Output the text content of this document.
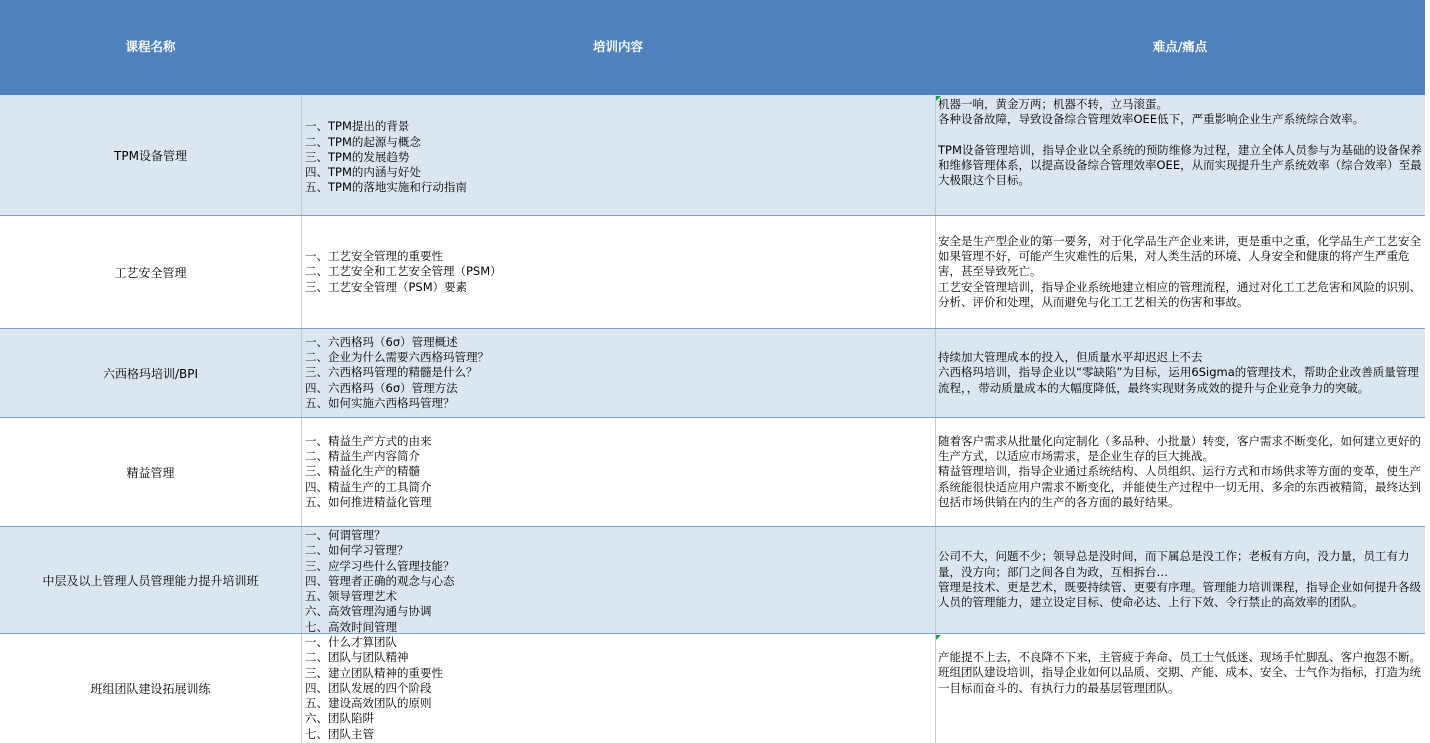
课程名称	培训内容	难点/痛点
TPM设备管理
一、TPM提出的背景
二、TPM的起源与概念
三、TPM的发展趋势
四、TPM的内涵与好处
五、TPM的落地实施和行动指南
机器一响，黄金万两；机器不转，立马滚蛋。
各种设备故障，导致设备综合管理效率OEE低下，严重影响企业生产系统综合效率。
TPM设备管理培训，指导企业以全系统的预防维修为过程，建立全体人员参与为基础的设备保养和维修管理体系，以提高设备综合管理效率OEE，从而实现提升生产系统效率（综合效率）至最大极限这个目标。
工艺安全管理
一、工艺安全管理的重要性
二、工艺安全和工艺安全管理（PSM）
三、工艺安全管理（PSM）要素
安全是生产型企业的第一要务，对于化学品生产企业来讲，更是重中之重，化学品生产工艺安全如果管理不好，可能产生灾难性的后果，对人类生活的环境、人身安全和健康的将产生严重危害，甚至导致死亡。
工艺安全管理培训，指导企业系统地建立相应的管理流程，通过对化工工艺危害和风险的识别、分析、评价和处理，从而避免与化工工艺相关的伤害和事故。
六西格玛培训/BPI
一、六西格玛（6σ）管理概述
二、企业为什么需要六西格玛管理？
三、六西格玛管理的精髓是什么？
四、六西格玛（6σ）管理方法
五、如何实施六西格玛管理？
持续加大管理成本的投入，但质量水平却迟迟上不去
六西格玛培训，指导企业以“零缺陷”为目标，运用6Sigma的管理技术，帮助企业改善质量管理流程，，带动质量成本的大幅度降低，最终实现财务成效的提升与企业竞争力的突破。
精益管理
一、精益生产方式的由来
二、精益生产内容简介
三、精益化生产的精髓
四、精益生产的工具简介
五、如何推进精益化管理
随着客户需求从批量化向定制化（多品种、小批量）转变，客户需求不断变化，如何建立更好的生产方式，以适应市场需求，是企业生存的巨大挑战。
精益管理培训，指导企业通过系统结构、人员组织、运行方式和市场供求等方面的变革，使生产系统能很快适应用户需求不断变化，并能使生产过程中一切无用、多余的东西被精简，最终达到包括市场供销在内的生产的各方面的最好结果。
中层及以上管理人员管理能力提升培训班
一、何谓管理？
二、如何学习管理？
三、应学习些什么管理技能？
四、管理者正确的观念与心态
五、领导管理艺术
六、高效管理沟通与协调
七、高效时间管理
公司不大，问题不少；领导总是没时间，而下属总是没工作；老板有方向，没力量，员工有力量，没方向；部门之间各自为政，互相拆台…
管理是技术、更是艺术，既要持续管、更要有序理。管理能力培训课程，指导企业如何提升各级人员的管理能力，建立设定目标、使命必达、上行下效、令行禁止的高效率的团队。
班组团队建设拓展训练
一、什么才算团队
二、团队与团队精神
三、建立团队精神的重要性
四、团队发展的四个阶段
五、建设高效团队的原则
六、团队陷阱
七、团队主管
产能提不上去，不良降不下来，主管疲于奔命、员工士气低迷、现场手忙脚乱、客户抱怨不断。
班组团队建设培训，指导企业如何以品质、交期、产能、成本、安全、士气作为指标，打造为统一目标而奋斗的、有执行力的最基层管理团队。
